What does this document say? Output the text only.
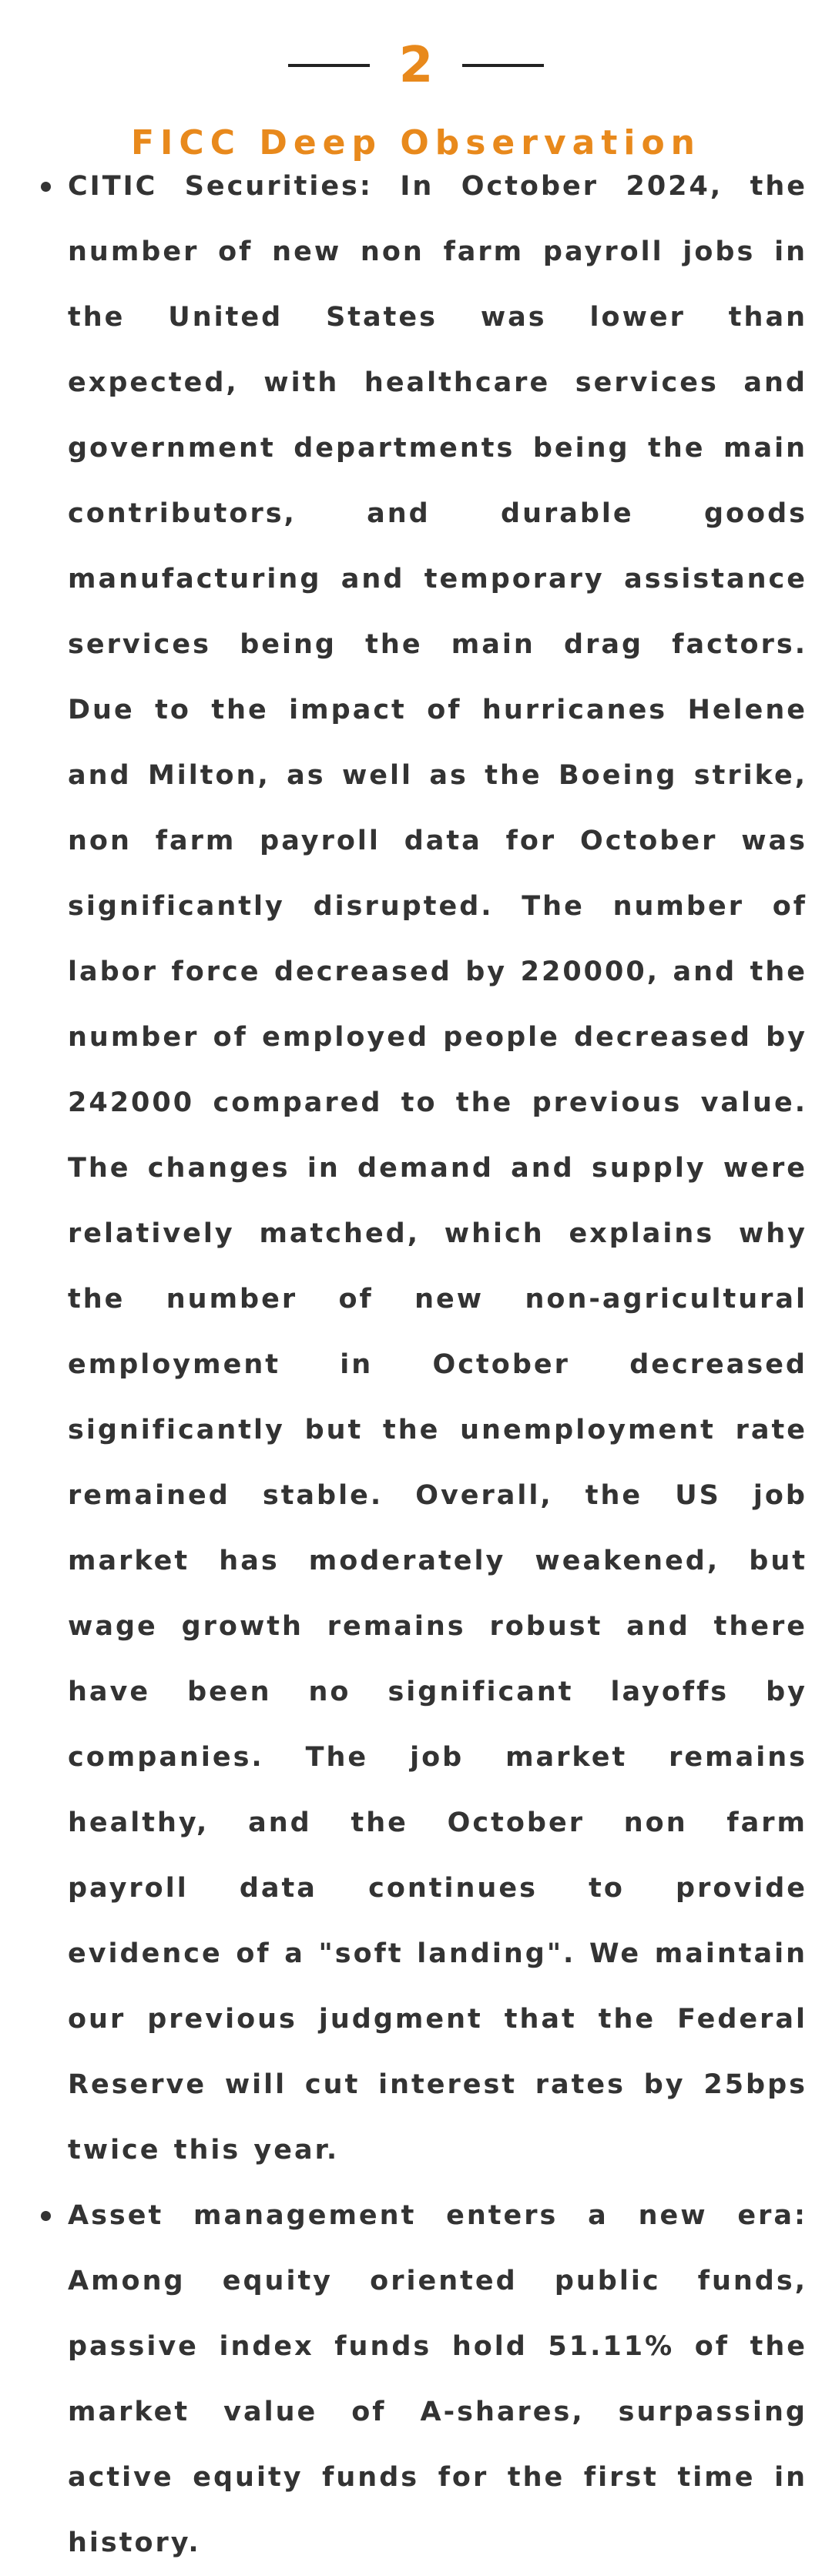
2
FICC Deep Observation

CITIC Securities: In October 2024, the number of new non farm payroll jobs in the United States was lower than expected, with healthcare services and government departments being the main contributors, and durable goods manufacturing and temporary assistance services being the main drag factors. Due to the impact of hurricanes Helene and Milton, as well as the Boeing strike, non farm payroll data for October was significantly disrupted. The number of labor force decreased by 220000, and the number of employed people decreased by 242000 compared to the previous value. The changes in demand and supply were relatively matched, which explains why the number of new non-agricultural employment in October decreased significantly but the unemployment rate remained stable. Overall, the US job market has moderately weakened, but wage growth remains robust and there have been no significant layoffs by companies. The job market remains healthy, and the October non farm payroll data continues to provide evidence of a "soft landing". We maintain our previous judgment that the Federal Reserve will cut interest rates by 25bps twice this year.

Asset management enters a new era: Among equity oriented public funds, passive index funds hold 51.11% of the market value of A-shares, surpassing active equity funds for the first time in history.
